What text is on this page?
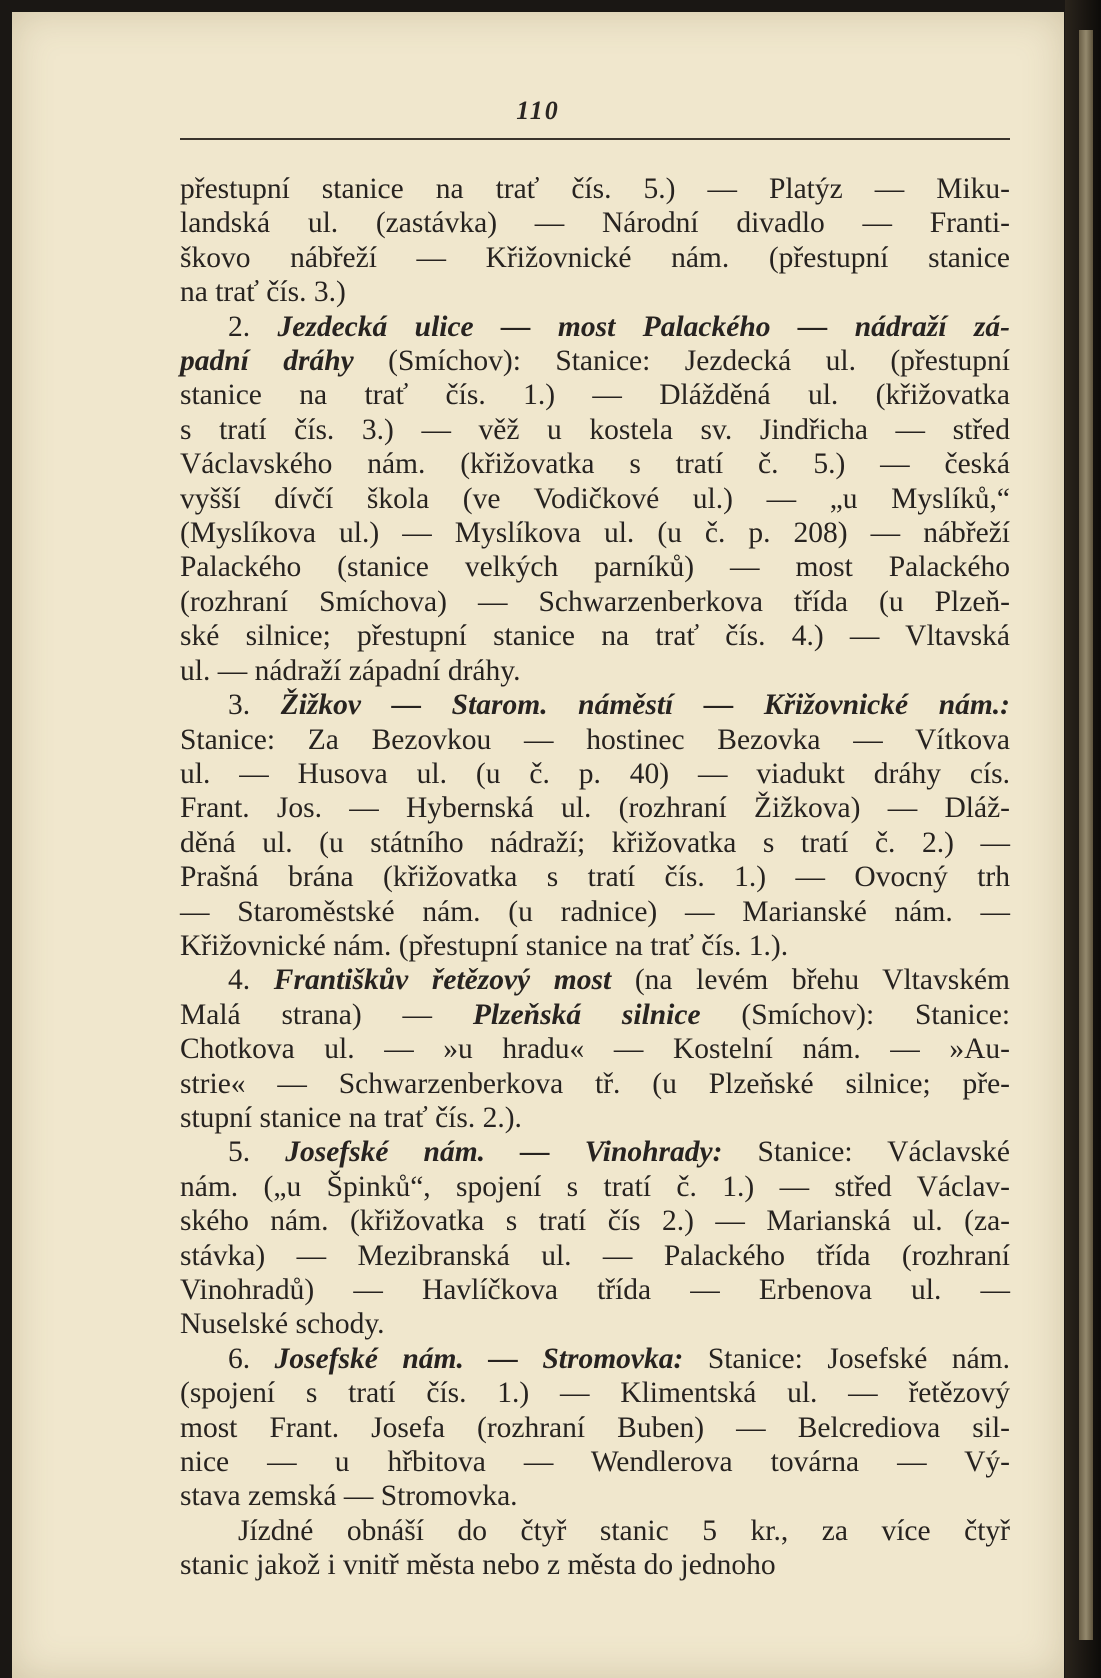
110
přestupní stanice na trať čís. 5.) — Platýz — Miku-
landská ul. (zastávka) — Národní divadlo — Franti-
škovo nábřeží — Křižovnické nám. (přestupní stanice
na trať čís. 3.)
2. Jezdecká ulice — most Palackého — nádraží zá-
padní dráhy (Smíchov): Stanice: Jezdecká ul. (přestupní
stanice na trať čís. 1.) — Dlážděná ul. (křižovatka
s tratí čís. 3.) — věž u kostela sv. Jindřicha — střed
Václavského nám. (křižovatka s tratí č. 5.) — česká
vyšší dívčí škola (ve Vodičkové ul.) — „u Myslíků,“
(Myslíkova ul.) — Myslíkova ul. (u č. p. 208) — nábřeží
Palackého (stanice velkých parníků) — most Palackého
(rozhraní Smíchova) — Schwarzenberkova třída (u Plzeň-
ské silnice; přestupní stanice na trať čís. 4.) — Vltavská
ul. — nádraží západní dráhy.
3. Žižkov — Starom. náměstí — Křižovnické nám.:
Stanice: Za Bezovkou — hostinec Bezovka — Vítkova
ul. — Husova ul. (u č. p. 40) — viadukt dráhy cís.
Frant. Jos. — Hybernská ul. (rozhraní Žižkova) — Dláž-
děná ul. (u státního nádraží; křižovatka s tratí č. 2.) —
Prašná brána (křižovatka s tratí čís. 1.) — Ovocný trh
— Staroměstské nám. (u radnice) — Marianské nám. —
Křižovnické nám. (přestupní stanice na trať čís. 1.).
4. Františkův řetězový most (na levém břehu Vltavském
Malá strana) — Plzeňská silnice (Smíchov): Stanice:
Chotkova ul. — »u hradu« — Kostelní nám. — »Au-
strie« — Schwarzenberkova tř. (u Plzeňské silnice; pře-
stupní stanice na trať čís. 2.).
5. Josefské nám. — Vinohrady: Stanice: Václavské
nám. („u Špinků“, spojení s tratí č. 1.) — střed Václav-
ského nám. (křižovatka s tratí čís 2.) — Marianská ul. (za-
stávka) — Mezibranská ul. — Palackého třída (rozhraní
Vinohradů) — Havlíčkova třída — Erbenova ul. —
Nuselské schody.
6. Josefské nám. — Stromovka: Stanice: Josefské nám.
(spojení s tratí čís. 1.) — Klimentská ul. — řetězový
most Frant. Josefa (rozhraní Buben) — Belcrediova sil-
nice — u hřbitova — Wendlerova továrna — Vý-
stava zemská — Stromovka.
Jízdné obnáší do čtyř stanic 5 kr., za více čtyř
stanic jakož i vnitř města nebo z města do jednoho
